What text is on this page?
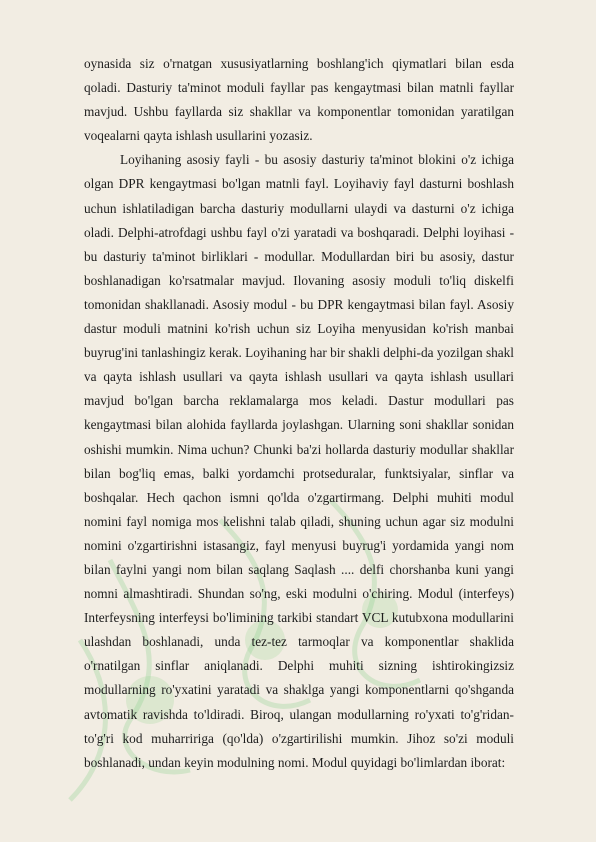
oynasida siz o'rnatgan xususiyatlarning boshlang'ich qiymatlari bilan esda qoladi. Dasturiy ta'minot moduli fayllar pas kengaytmasi bilan matnli fayllar mavjud. Ushbu fayllarda siz shakllar va komponentlar tomonidan yaratilgan voqealarni qayta ishlash usullarini yozasiz.

Loyihaning asosiy fayli - bu asosiy dasturiy ta'minot blokini o'z ichiga olgan DPR kengaytmasi bo'lgan matnli fayl. Loyihaviy fayl dasturni boshlash uchun ishlatiladigan barcha dasturiy modullarni ulaydi va dasturni o'z ichiga oladi. Delphi-atrofdagi ushbu fayl o'zi yaratadi va boshqaradi. Delphi loyihasi - bu dasturiy ta'minot birliklari - modullar. Modullardan biri bu asosiy, dastur boshlanadigan ko'rsatmalar mavjud. Ilovaning asosiy moduli to'liq diskelfi tomonidan shakllanadi. Asosiy modul - bu DPR kengaytmasi bilan fayl. Asosiy dastur moduli matnini ko'rish uchun siz Loyiha menyusidan ko'rish manbai buyrug'ini tanlashingiz kerak. Loyihaning har bir shakli delphi-da yozilgan shakl va qayta ishlash usullari va qayta ishlash usullari va qayta ishlash usullari mavjud bo'lgan barcha reklamalarga mos keladi. Dastur modullari pas kengaytmasi bilan alohida fayllarda joylashgan. Ularning soni shakllar sonidan oshishi mumkin. Nima uchun? Chunki ba'zi hollarda dasturiy modullar shakllar bilan bog'liq emas, balki yordamchi protseduralar, funktsiyalar, sinflar va boshqalar. Hech qachon ismni qo'lda o'zgartirmang. Delphi muhiti modul nomini fayl nomiga mos kelishni talab qiladi, shuning uchun agar siz modulni nomini o'zgartirishni istasangiz, fayl menyusi buyrug'i yordamida yangi nom bilan faylni yangi nom bilan saqlang Saqlash .... delfi chorshanba kuni yangi nomni almashtiradi. Shundan so'ng, eski modulni o'chiring. Modul (interfeys) Interfeysning interfeysi bo'limining tarkibi standart VCL kutubxona modullarini ulashdan boshlanadi, unda tez-tez tarmoqlar va komponentlar shaklida o'rnatilgan sinflar aniqlanadi. Delphi muhiti sizning ishtirokingizsiz modullarning ro'yxatini yaratadi va shaklga yangi komponentlarni qo'shganda avtomatik ravishda to'ldiradi. Biroq, ulangan modullarning ro'yxati to'g'ridan-to'g'ri kod muharririga (qo'lda) o'zgartirilishi mumkin. Jihoz so'zi moduli boshlanadi, undan keyin modulning nomi. Modul quyidagi bo'limlardan iborat:
